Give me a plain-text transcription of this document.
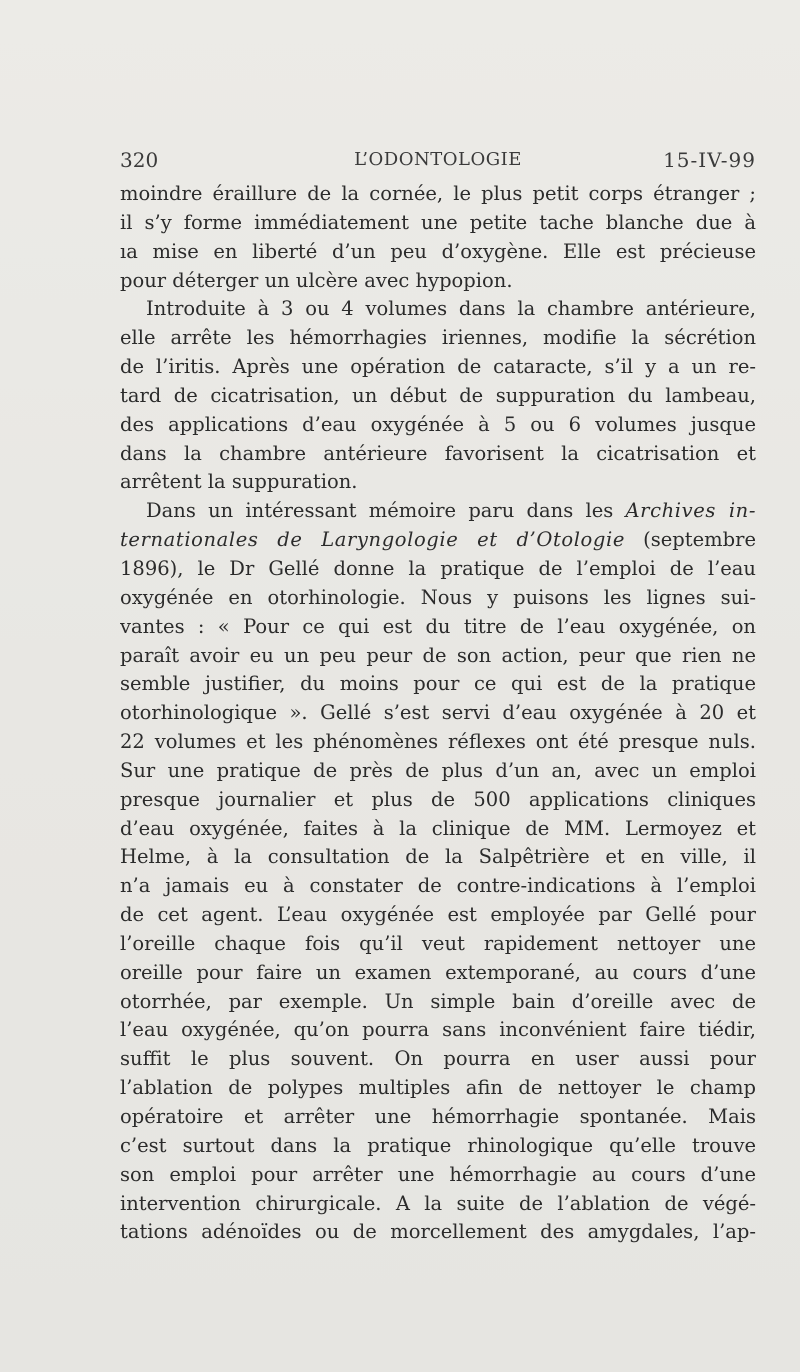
320	L’ODONTOLOGIE	15-IV-99
moindre éraillure de la cornée, le plus petit corps étranger ;
il s’y forme immédiatement une petite tache blanche due à
ıa mise en liberté d’un peu d’oxygène. Elle est précieuse
pour déterger un ulcère avec hypopion.
Introduite à 3 ou 4 volumes dans la chambre antérieure,
elle arrête les hémorrhagies iriennes, modifie la sécrétion
de l’iritis. Après une opération de cataracte, s’il y a un re-
tard de cicatrisation, un début de suppuration du lambeau,
des applications d’eau oxygénée à 5 ou 6 volumes jusque
dans la chambre antérieure favorisent la cicatrisation et
arrêtent la suppuration.
Dans un intéressant mémoire paru dans les Archives in-
ternationales de Laryngologie et d’Otologie (septembre
1896), le Dr Gellé donne la pratique de l’emploi de l’eau
oxygénée en otorhinologie. Nous y puisons les lignes sui-
vantes : « Pour ce qui est du titre de l’eau oxygénée, on
paraît avoir eu un peu peur de son action, peur que rien ne
semble justifier, du moins pour ce qui est de la pratique
otorhinologique ». Gellé s’est servi d’eau oxygénée à 20 et
22 volumes et les phénomènes réflexes ont été presque nuls.
Sur une pratique de près de plus d’un an, avec un emploi
presque journalier et plus de 500 applications cliniques
d’eau oxygénée, faites à la clinique de MM. Lermoyez et
Helme, à la consultation de la Salpêtrière et en ville, il
n’a jamais eu à constater de contre-indications à l’emploi
de cet agent. L’eau oxygénée est employée par Gellé pour
l’oreille chaque fois qu’il veut rapidement nettoyer une
oreille pour faire un examen extemporané, au cours d’une
otorrhée, par exemple. Un simple bain d’oreille avec de
l’eau oxygénée, qu’on pourra sans inconvénient faire tiédir,
suffit le plus souvent. On pourra en user aussi pour
l’ablation de polypes multiples afin de nettoyer le champ
opératoire et arrêter une hémorrhagie spontanée. Mais
c’est surtout dans la pratique rhinologique qu’elle trouve
son emploi pour arrêter une hémorrhagie au cours d’une
intervention chirurgicale. A la suite de l’ablation de végé-
tations adénoïdes ou de morcellement des amygdales, l’ap-
